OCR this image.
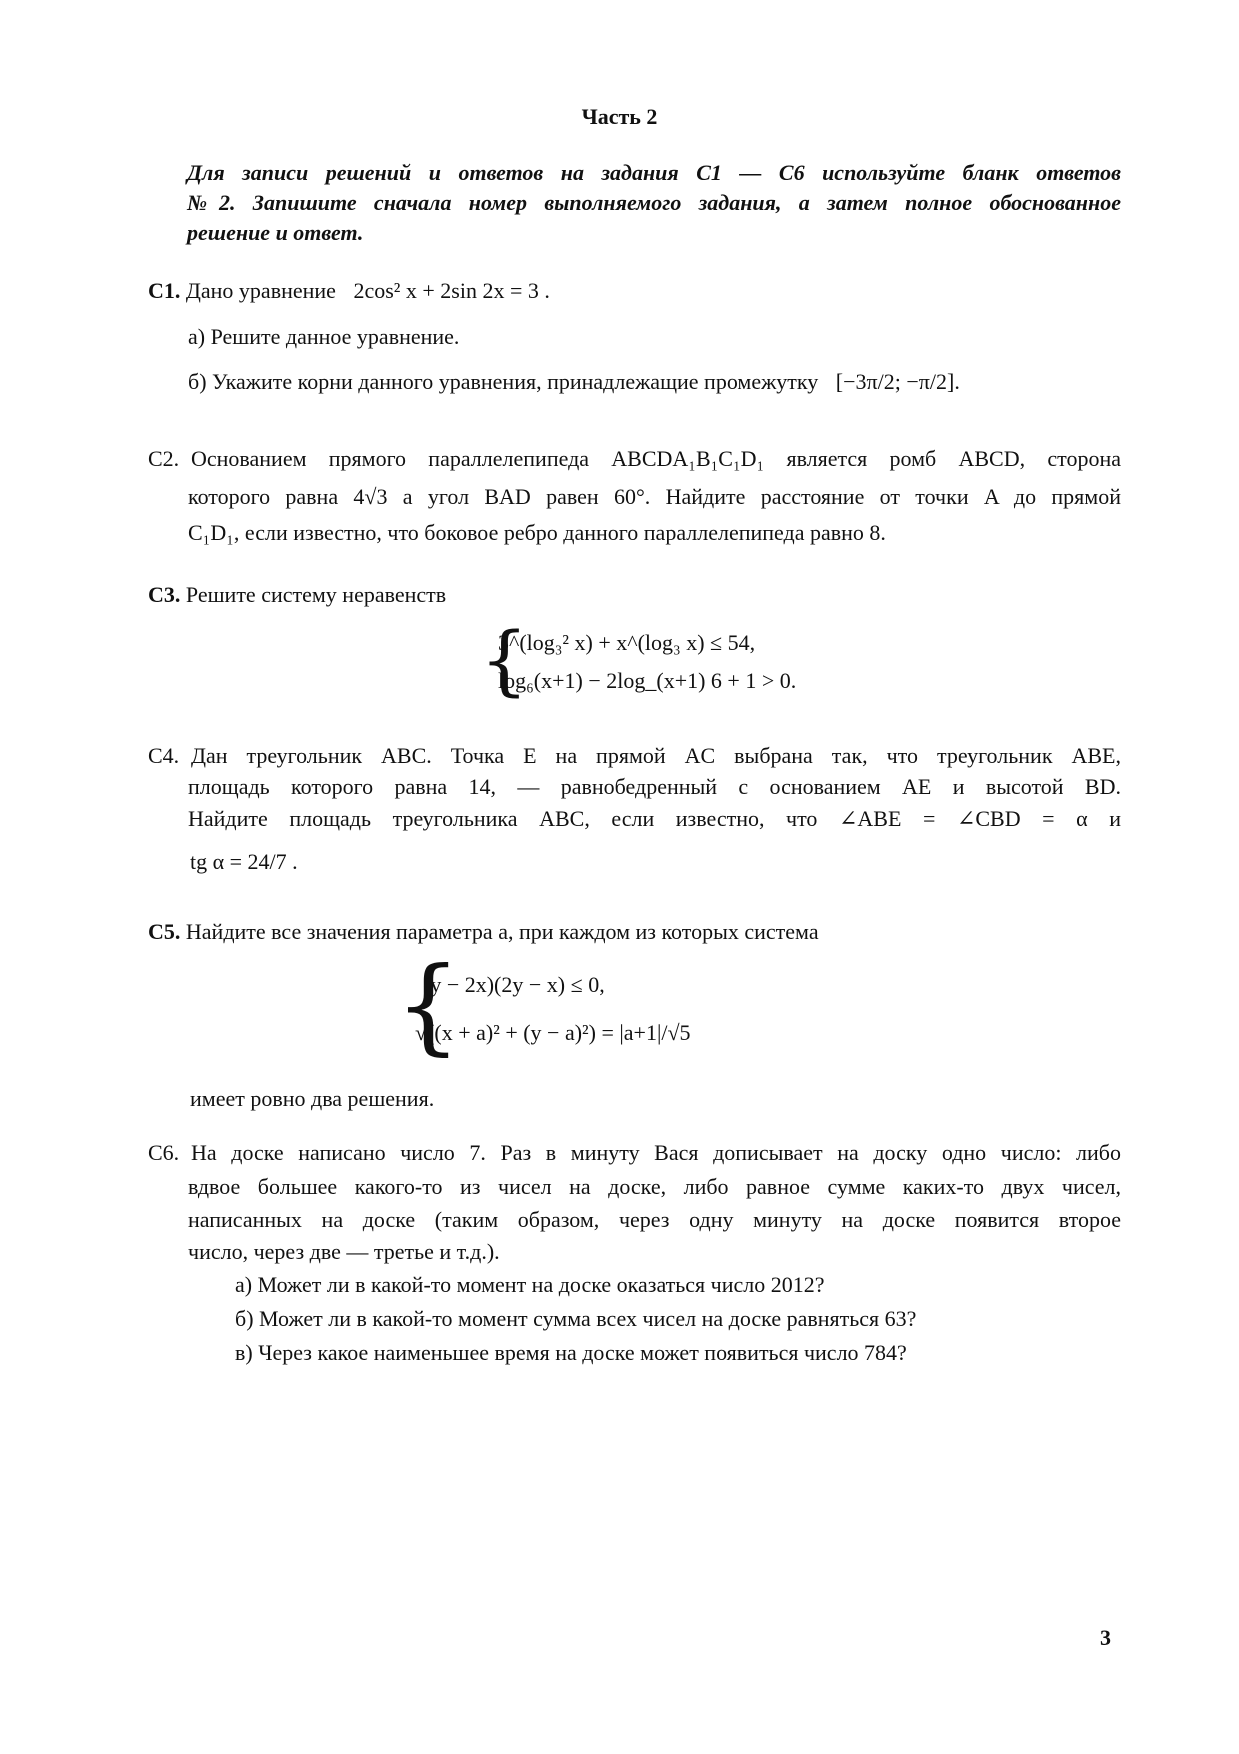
Часть 2
Для записи решений и ответов на задания С1 — С6 используйте бланк ответов
№2. Запишите сначала номер выполняемого задания, а затем полное обоснованное
решение и ответ.
С1. Дано уравнение 2cos² x + 2sin 2x = 3 .
а) Решите данное уравнение.
б) Укажите корни данного уравнения, принадлежащие промежутку [−3π/2; −π/2].
С2. Основанием прямого параллелепипеда ABCDA₁B₁C₁D₁ является ромб ABCD, сторона
которого равна 4√3 а угол BAD равен 60°. Найдите расстояние от точки A до прямой
C₁D₁, если известно, что боковое ребро данного параллелепипеда равно 8.
С3. Решите систему неравенств
{
3^(log₃² x) + x^(log₃ x) ≤ 54,
log₆(x+1) − 2log_(x+1) 6 + 1 > 0.
С4. Дан треугольник ABC. Точка E на прямой AC выбрана так, что треугольник ABE,
площадь которого равна 14, — равнобедренный с основанием AE и высотой BD.
Найдите площадь треугольника ABC, если известно, что ∠ABE = ∠CBD = α и
tg α = 24/7 .
С5. Найдите все значения параметра a, при каждом из которых система
{
(y − 2x)(2y − x) ≤ 0,
√((x + a)² + (y − a)²) = |a+1|/√5
имеет ровно два решения.
С6. На доске написано число 7. Раз в минуту Вася дописывает на доску одно число: либо
вдвое большее какого-то из чисел на доске, либо равное сумме каких-то двух чисел,
написанных на доске (таким образом, через одну минуту на доске появится второе
число, через две — третье и т.д.).
а) Может ли в какой-то момент на доске оказаться число 2012?
б) Может ли в какой-то момент сумма всех чисел на доске равняться 63?
в) Через какое наименьшее время на доске может появиться число 784?
3
